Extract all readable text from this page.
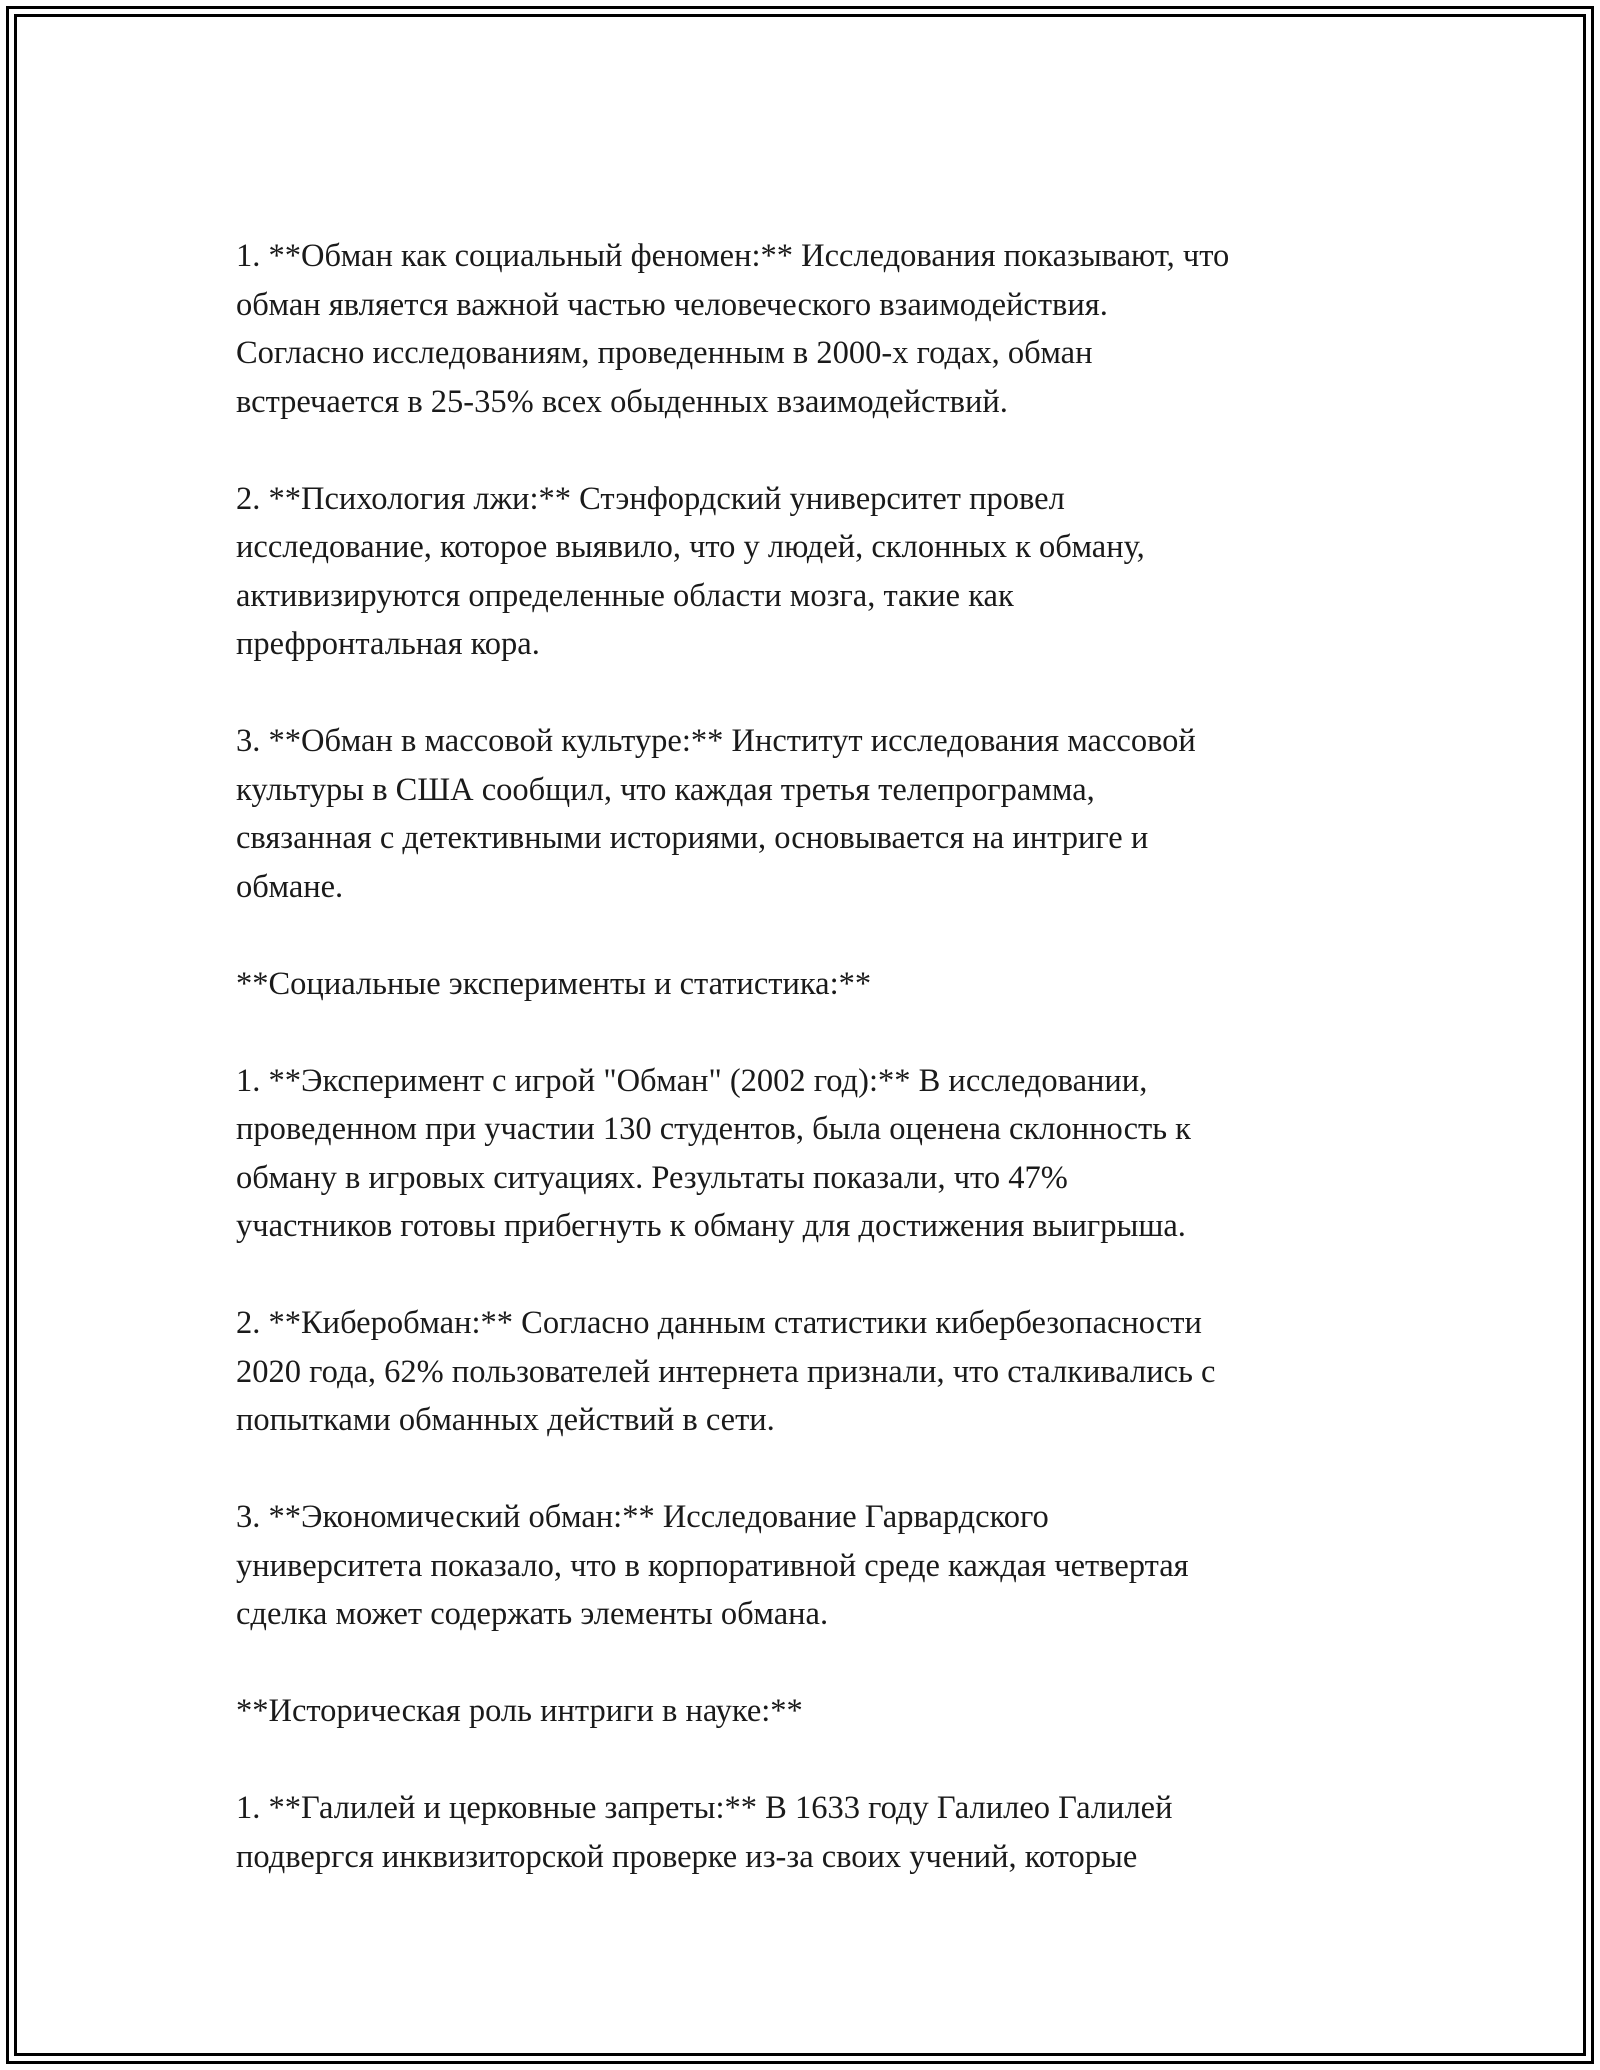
1. **Обман как социальный феномен:** Исследования показывают, что
обман является важной частью человеческого взаимодействия.
Согласно исследованиям, проведенным в 2000-х годах, обман
встречается в 25-35% всех обыденных взаимодействий.

2. **Психология лжи:** Стэнфордский университет провел
исследование, которое выявило, что у людей, склонных к обману,
активизируются определенные области мозга, такие как
префронтальная кора.

3. **Обман в массовой культуре:** Институт исследования массовой
культуры в США сообщил, что каждая третья телепрограмма,
связанная с детективными историями, основывается на интриге и
обмане.

**Социальные эксперименты и статистика:**

1. **Эксперимент с игрой "Обман" (2002 год):** В исследовании,
проведенном при участии 130 студентов, была оценена склонность к
обману в игровых ситуациях. Результаты показали, что 47%
участников готовы прибегнуть к обману для достижения выигрыша.

2. **Киберобман:** Согласно данным статистики кибербезопасности
2020 года, 62% пользователей интернета признали, что сталкивались с
попытками обманных действий в сети.

3. **Экономический обман:** Исследование Гарвардского
университета показало, что в корпоративной среде каждая четвертая
сделка может содержать элементы обмана.

**Историческая роль интриги в науке:**

1. **Галилей и церковные запреты:** В 1633 году Галилео Галилей
подвергся инквизиторской проверке из-за своих учений, которые
